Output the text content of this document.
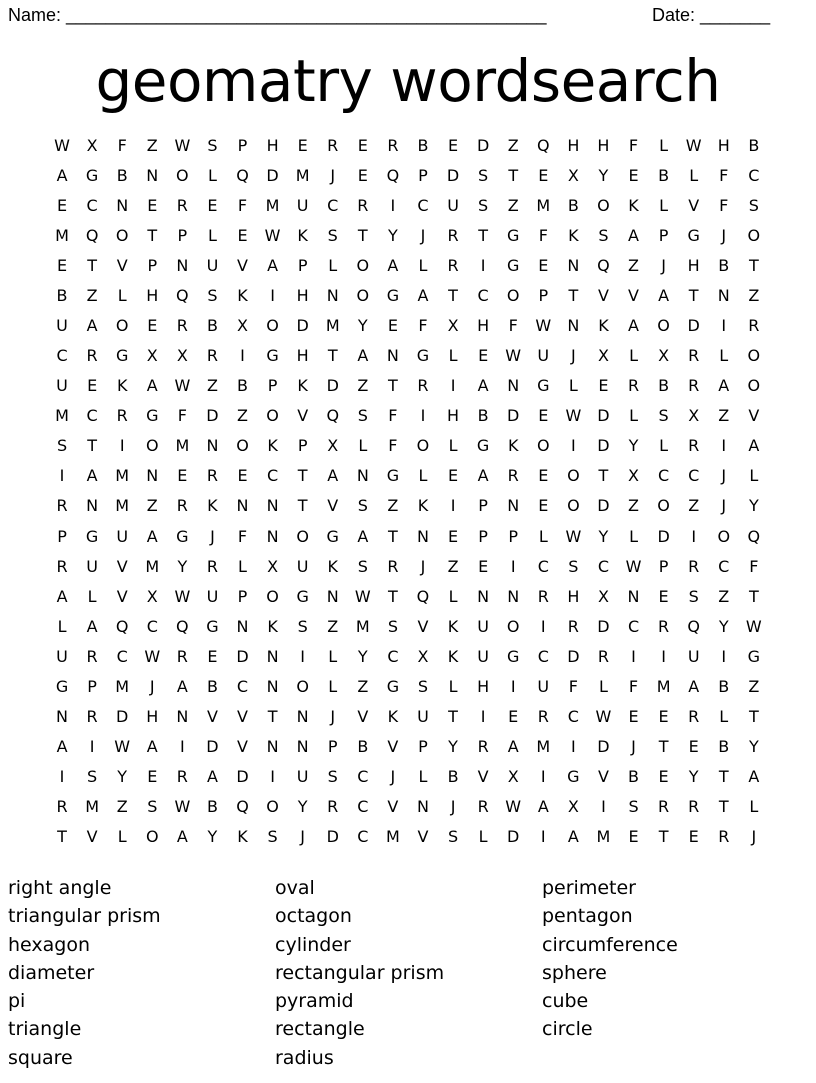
Name: ________________________________________________	Date: _______
geomatry wordsearch
W	X	F	Z	W	S	P	H	E	R	E	R	B	E	D	Z	Q	H	H	F	L	W	H	B
A	G	B	N	O	L	Q	D	M	J	E	Q	P	D	S	T	E	X	Y	E	B	L	F	C
E	C	N	E	R	E	F	M	U	C	R	I	C	U	S	Z	M	B	O	K	L	V	F	S
M	Q	O	T	P	L	E	W	K	S	T	Y	J	R	T	G	F	K	S	A	P	G	J	O
E	T	V	P	N	U	V	A	P	L	O	A	L	R	I	G	E	N	Q	Z	J	H	B	T
B	Z	L	H	Q	S	K	I	H	N	O	G	A	T	C	O	P	T	V	V	A	T	N	Z
U	A	O	E	R	B	X	O	D	M	Y	E	F	X	H	F	W	N	K	A	O	D	I	R
C	R	G	X	X	R	I	G	H	T	A	N	G	L	E	W	U	J	X	L	X	R	L	O
U	E	K	A	W	Z	B	P	K	D	Z	T	R	I	A	N	G	L	E	R	B	R	A	O
M	C	R	G	F	D	Z	O	V	Q	S	F	I	H	B	D	E	W	D	L	S	X	Z	V
S	T	I	O	M	N	O	K	P	X	L	F	O	L	G	K	O	I	D	Y	L	R	I	A
I	A	M	N	E	R	E	C	T	A	N	G	L	E	A	R	E	O	T	X	C	C	J	L
R	N	M	Z	R	K	N	N	T	V	S	Z	K	I	P	N	E	O	D	Z	O	Z	J	Y
P	G	U	A	G	J	F	N	O	G	A	T	N	E	P	P	L	W	Y	L	D	I	O	Q
R	U	V	M	Y	R	L	X	U	K	S	R	J	Z	E	I	C	S	C	W	P	R	C	F
A	L	V	X	W	U	P	O	G	N	W	T	Q	L	N	N	R	H	X	N	E	S	Z	T
L	A	Q	C	Q	G	N	K	S	Z	M	S	V	K	U	O	I	R	D	C	R	Q	Y	W
U	R	C	W	R	E	D	N	I	L	Y	C	X	K	U	G	C	D	R	I	I	U	I	G
G	P	M	J	A	B	C	N	O	L	Z	G	S	L	H	I	U	F	L	F	M	A	B	Z
N	R	D	H	N	V	V	T	N	J	V	K	U	T	I	E	R	C	W	E	E	R	L	T
A	I	W	A	I	D	V	N	N	P	B	V	P	Y	R	A	M	I	D	J	T	E	B	Y
I	S	Y	E	R	A	D	I	U	S	C	J	L	B	V	X	I	G	V	B	E	Y	T	A
R	M	Z	S	W	B	Q	O	Y	R	C	V	N	J	R	W	A	X	I	S	R	R	T	L
T	V	L	O	A	Y	K	S	J	D	C	M	V	S	L	D	I	A	M	E	T	E	R	J
right angle
triangular prism
hexagon
diameter
pi
triangle
square
oval
octagon
cylinder
rectangular prism
pyramid
rectangle
radius
perimeter
pentagon
circumference
sphere
cube
circle
